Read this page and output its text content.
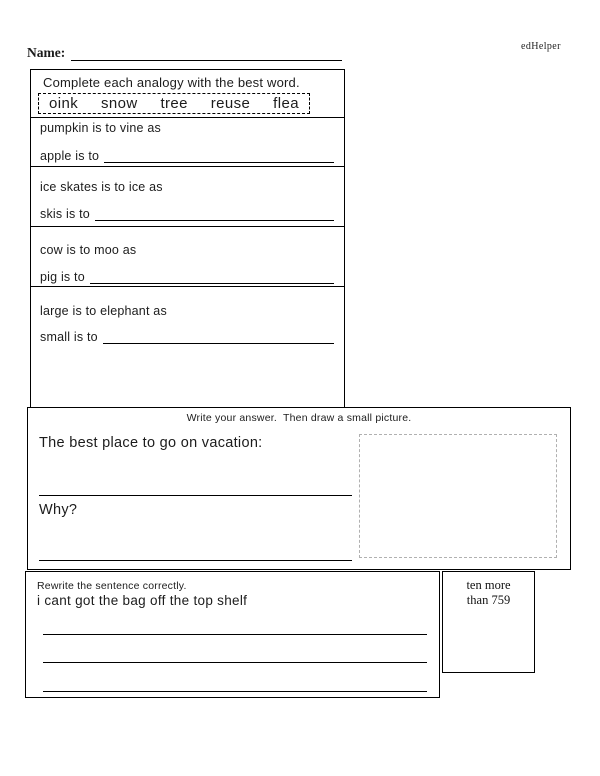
edHelper
Name:
Complete each analogy with the best word.
oink snow tree reuse flea
pumpkin is to vine as
apple is to
ice skates is to ice as
skis is to
cow is to moo as
pig is to
large is to elephant as
small is to
Write your answer.  Then draw a small picture.
The best place to go on vacation:
Why?
Rewrite the sentence correctly.
i cant got the bag off the top shelf
ten more
than 759
